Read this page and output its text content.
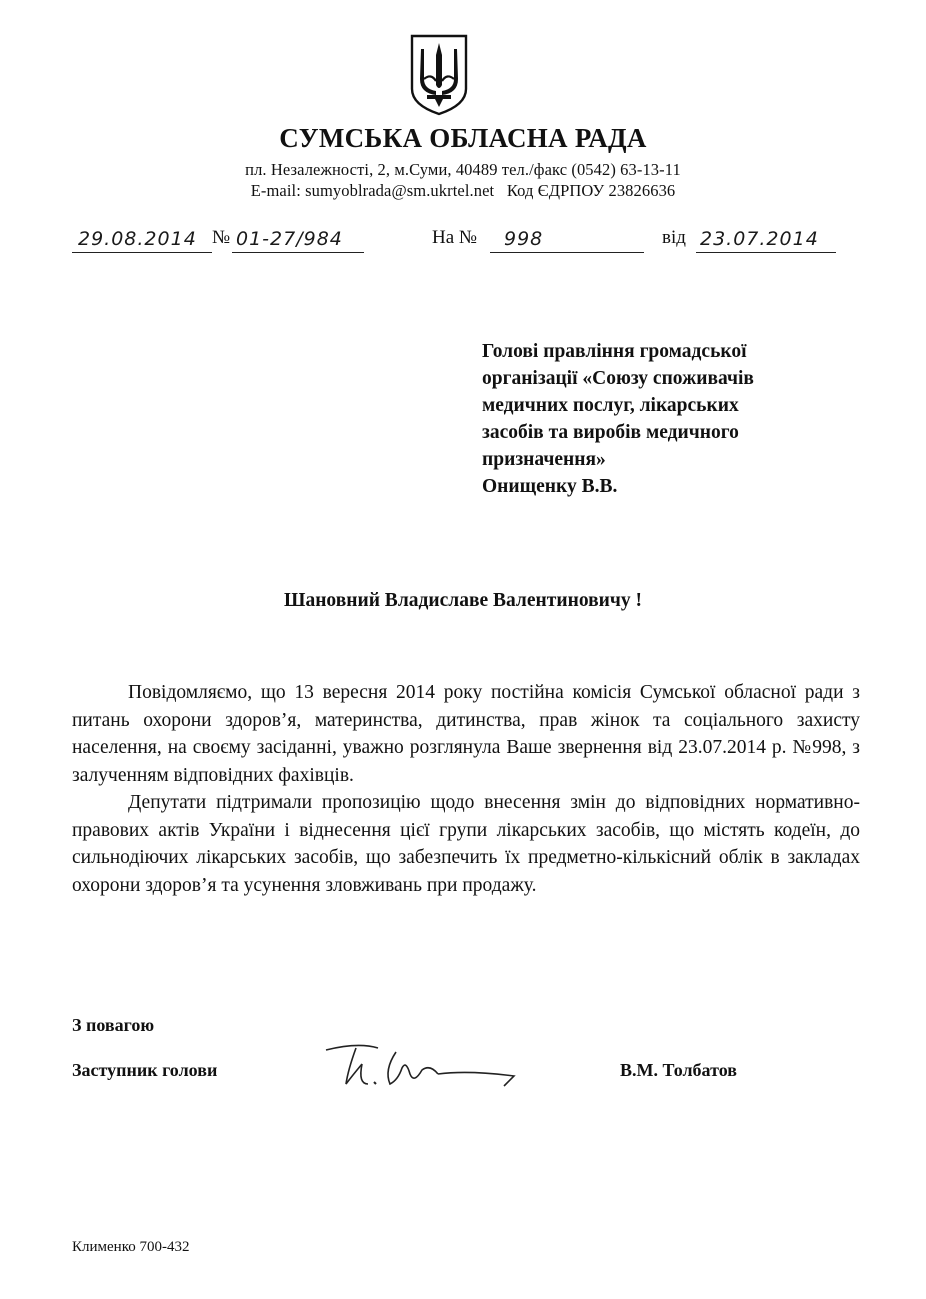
СУМСЬКА ОБЛАСНА РАДА
пл. Незалежності, 2, м.Суми, 40489 тел./факс (0542) 63-13-11
E-mail: sumyoblrada@sm.ukrtel.net   Код ЄДРПОУ 23826636
29.08.2014 № 01-27/984	На № 998	від 23.07.2014
Голові правління громадської
організації «Союзу споживачів
медичних послуг, лікарських
засобів та виробів медичного
призначення»
Онищенку В.В.
Шановний Владиславе Валентиновичу !

Повідомляємо, що 13 вересня 2014 року постійна комісія Сумської обласної ради з питань охорони здоров’я, материнства, дитинства, прав жінок та соціального захисту населення, на своєму засіданні, уважно розглянула Ваше звернення від 23.07.2014 р. №998, з залученням відповідних фахівців.

Депутати підтримали пропозицію щодо внесення змін до відповідних нормативно-правових актів України і віднесення цієї групи лікарських засобів, що містять кодеїн, до сильнодіючих лікарських засобів, що забезпечить їх предметно-кількісний облік в закладах охорони здоров’я та усунення зловживань при продажу.

З повагою
Заступник голови	В.М. Толбатов
Клименко 700-432
